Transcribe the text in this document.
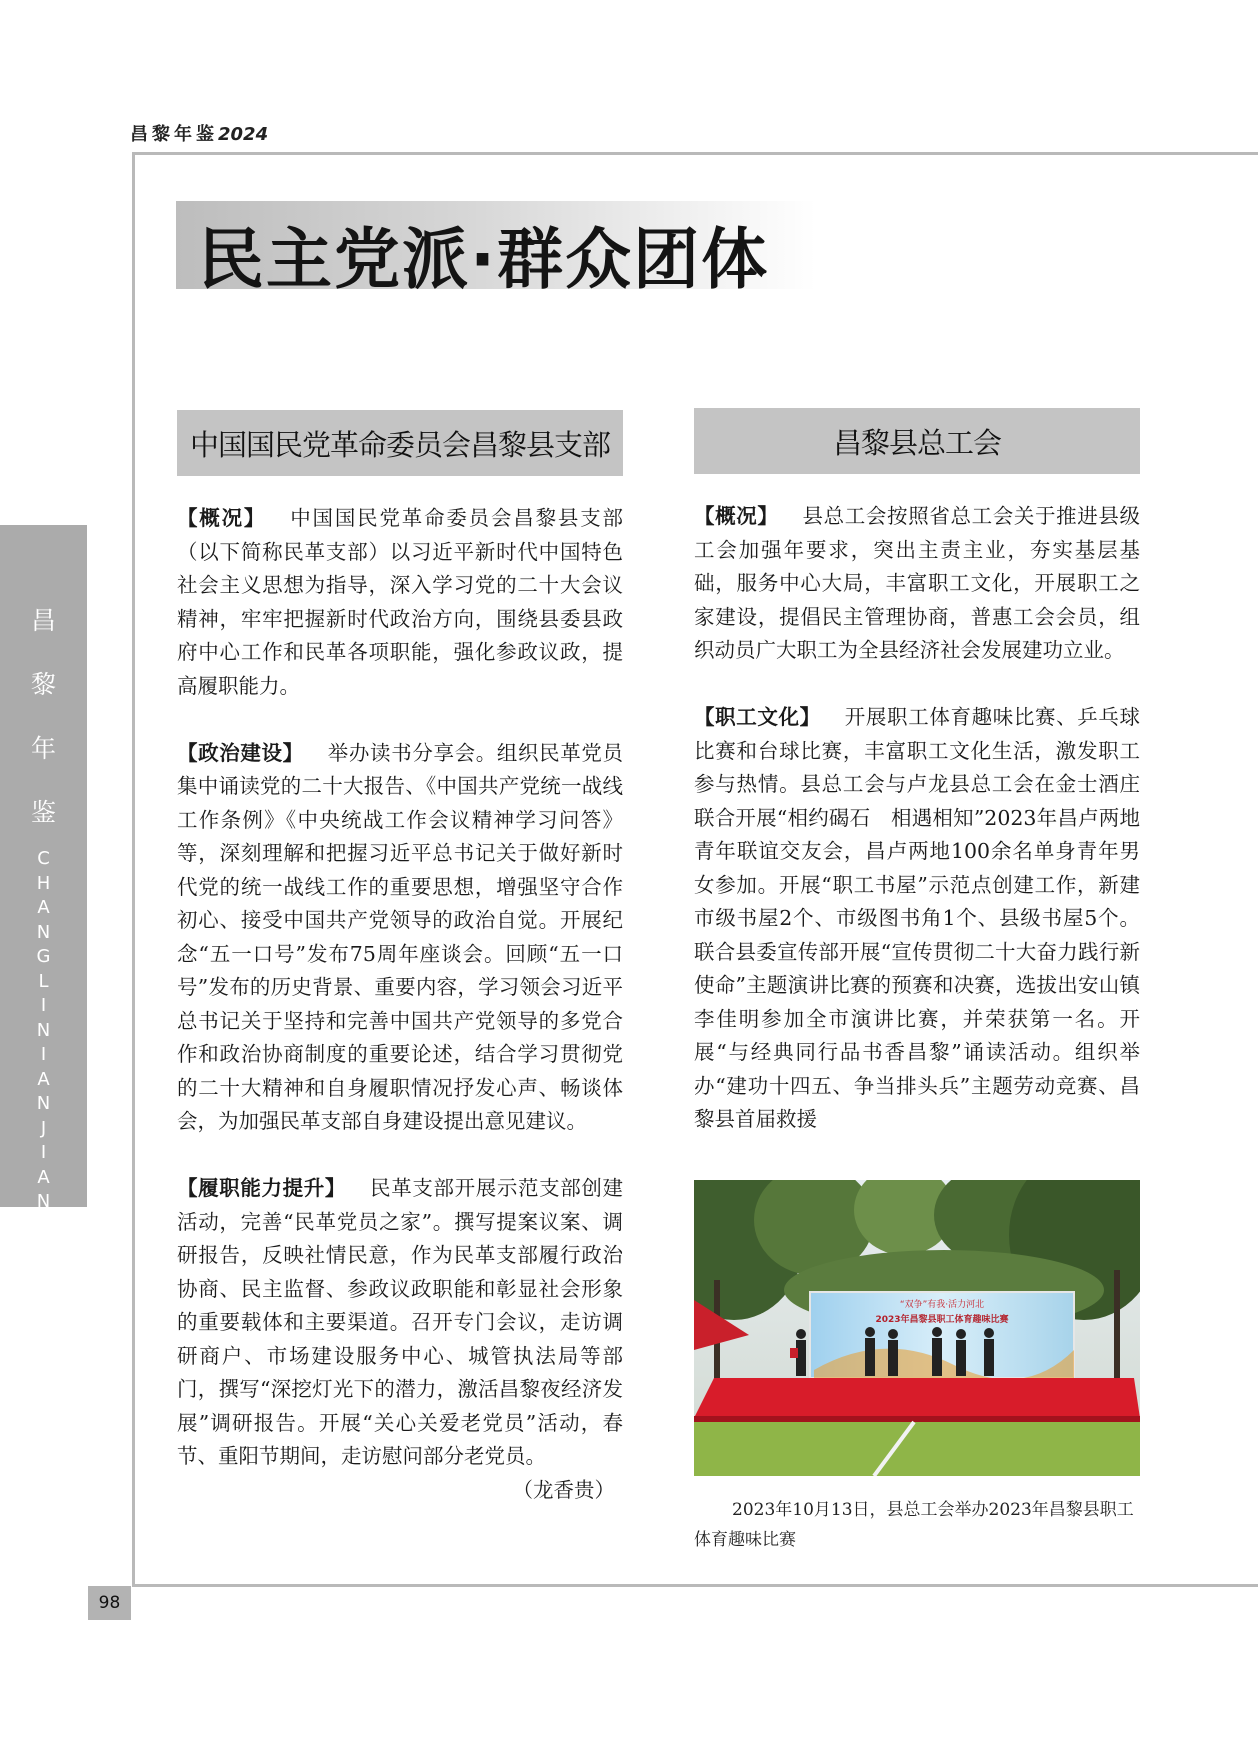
昌黎年鉴2024
民主党派·群众团体
昌
黎
年
鉴
C
H
A
N
G
L
I
N
I
A
N
J
I
A
N
中国国民党革命委员会昌黎县支部

【概况】 中国国民党革命委员会昌黎县支部（以下简称民革支部）以习近平新时代中国特色社会主义思想为指导，深入学习党的二十大会议精神，牢牢把握新时代政治方向，围绕县委县政府中心工作和民革各项职能，强化参政议政，提高履职能力。

【政治建设】 举办读书分享会。组织民革党员集中诵读党的二十大报告、《中国共产党统一战线工作条例》《中央统战工作会议精神学习问答》等，深刻理解和把握习近平总书记关于做好新时代党的统一战线工作的重要思想，增强坚守合作初心、接受中国共产党领导的政治自觉。开展纪念“五一口号”发布75周年座谈会。回顾“五一口号”发布的历史背景、重要内容，学习领会习近平总书记关于坚持和完善中国共产党领导的多党合作和政治协商制度的重要论述，结合学习贯彻党的二十大精神和自身履职情况抒发心声、畅谈体会，为加强民革支部自身建设提出意见建议。

【履职能力提升】 民革支部开展示范支部创建活动，完善“民革党员之家”。撰写提案议案、调研报告，反映社情民意，作为民革支部履行政治协商、民主监督、参政议政职能和彰显社会形象的重要载体和主要渠道。召开专门会议，走访调研商户、市场建设服务中心、城管执法局等部门，撰写“深挖灯光下的潜力，激活昌黎夜经济发展”调研报告。开展“关心关爱老党员”活动，春节、重阳节期间，走访慰问部分老党员。

（龙香贵）
昌黎县总工会

【概况】 县总工会按照省总工会关于推进县级工会加强年要求，突出主责主业，夯实基层基础，服务中心大局，丰富职工文化，开展职工之家建设，提倡民主管理协商，普惠工会会员，组织动员广大职工为全县经济社会发展建功立业。

【职工文化】 开展职工体育趣味比赛、乒乓球比赛和台球比赛，丰富职工文化生活，激发职工参与热情。县总工会与卢龙县总工会在金士酒庄联合开展“相约碣石　相遇相知”2023年昌卢两地青年联谊交友会，昌卢两地100余名单身青年男女参加。开展“职工书屋”示范点创建工作，新建市级书屋2个、市级图书角1个、县级书屋5个。联合县委宣传部开展“宣传贯彻二十大奋力践行新使命”主题演讲比赛的预赛和决赛，选拔出安山镇李佳明参加全市演讲比赛，并荣获第一名。开展“与经典同行品书香昌黎”诵读活动。组织举办“建功十四五、争当排头兵”主题劳动竞赛、昌黎县首届救援

“双争”有我·活力河北
2023年昌黎县职工体育趣味比赛
2023年10月13日，县总工会举办2023年昌黎县职工体育趣味比赛
98
